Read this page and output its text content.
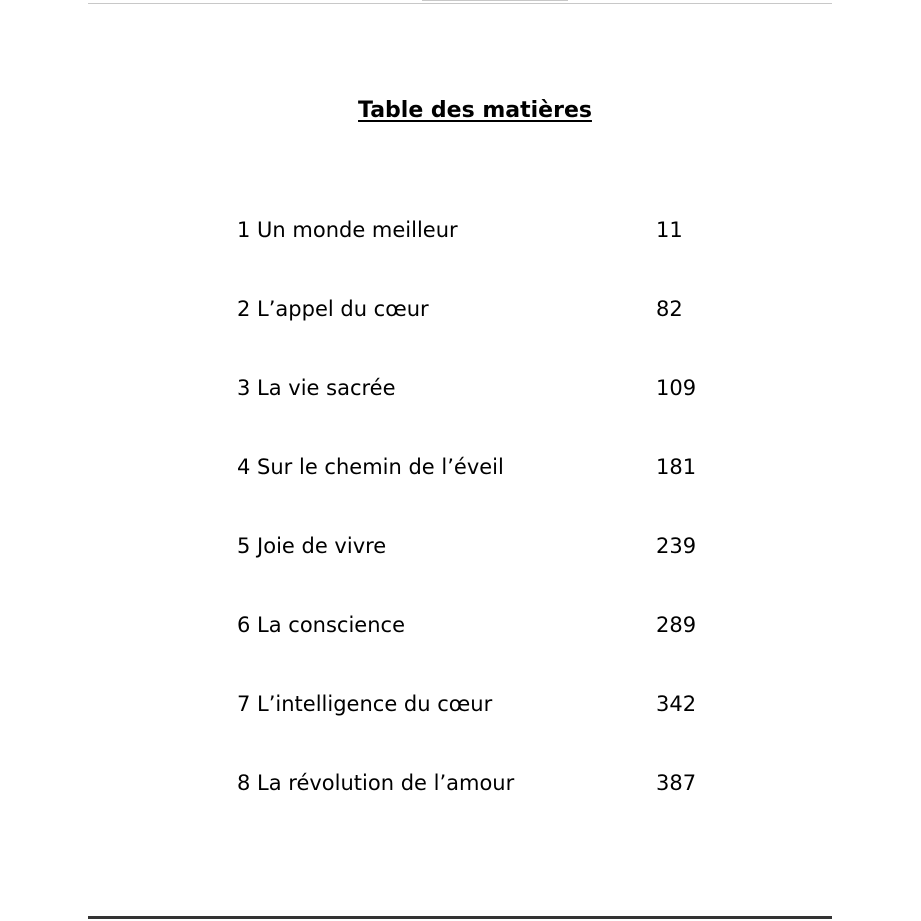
Table des matières
1 Un monde meilleur	11
2 L’appel du cœur	82
3 La vie sacrée	109
4 Sur le chemin de l’éveil	181
5 Joie de vivre	239
6 La conscience	289
7 L’intelligence du cœur	342
8 La révolution de l’amour	387
